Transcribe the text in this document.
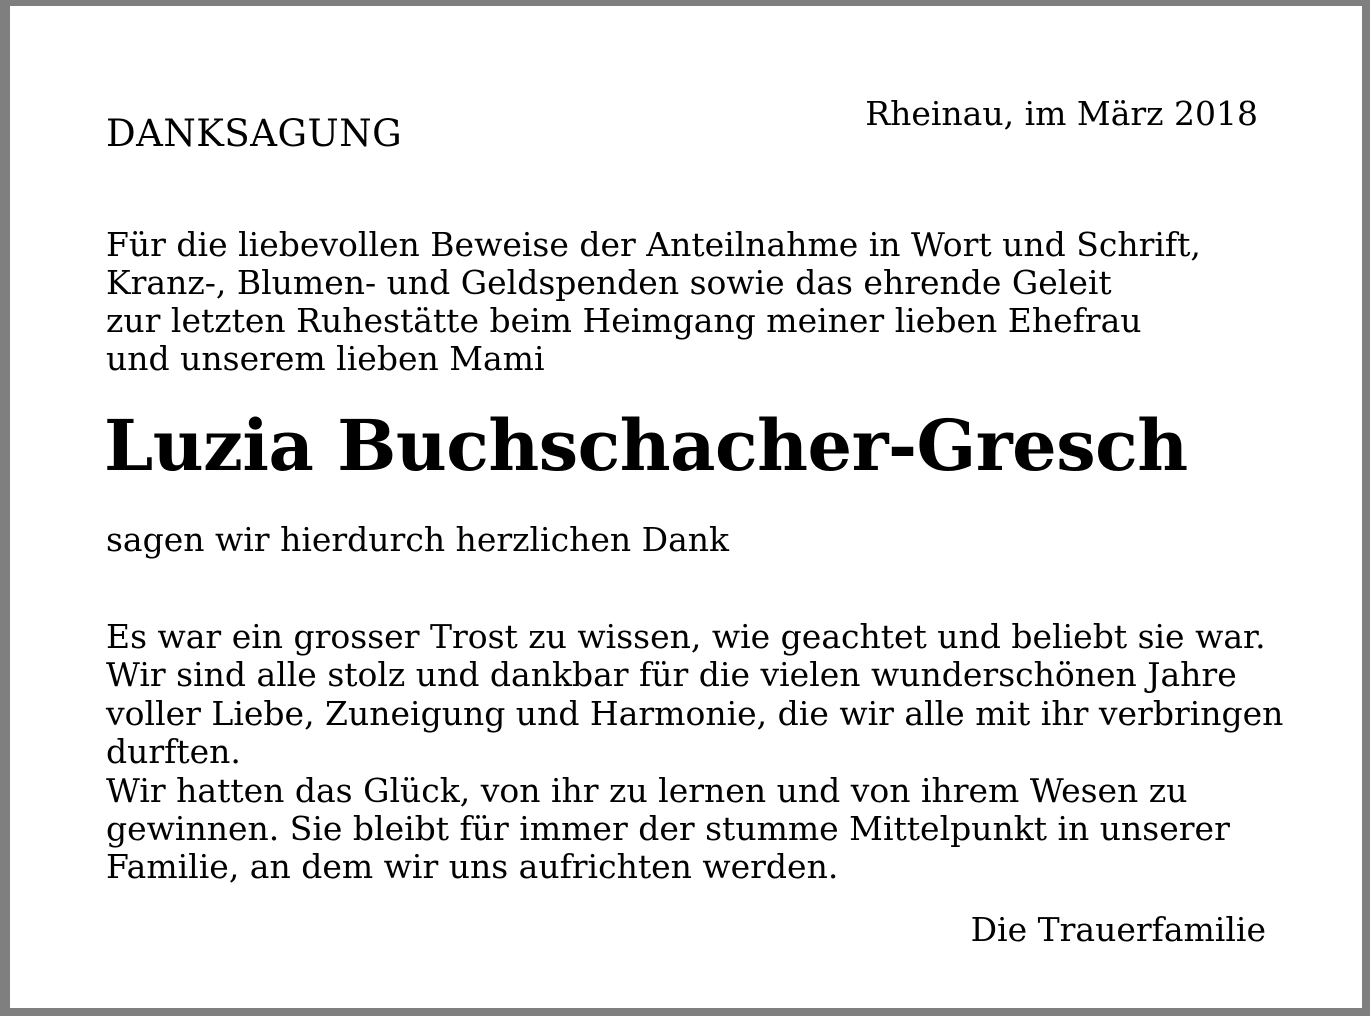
DANKSAGUNG	Rheinau, im März 2018

Für die liebevollen Beweise der Anteilnahme in Wort und Schrift,
Kranz-, Blumen- und Geldspenden sowie das ehrende Geleit
zur letzten Ruhestätte beim Heimgang meiner lieben Ehefrau
und unserem lieben Mami

Luzia Buchschacher-Gresch
sagen wir hierdurch herzlichen Dank

Es war ein grosser Trost zu wissen, wie geachtet und beliebt sie war.
Wir sind alle stolz und dankbar für die vielen wunderschönen Jahre
voller Liebe, Zuneigung und Harmonie, die wir alle mit ihr verbringen
durften.
Wir hatten das Glück, von ihr zu lernen und von ihrem Wesen zu
gewinnen. Sie bleibt für immer der stumme Mittelpunkt in unserer
Familie, an dem wir uns aufrichten werden.

Die Trauerfamilie
